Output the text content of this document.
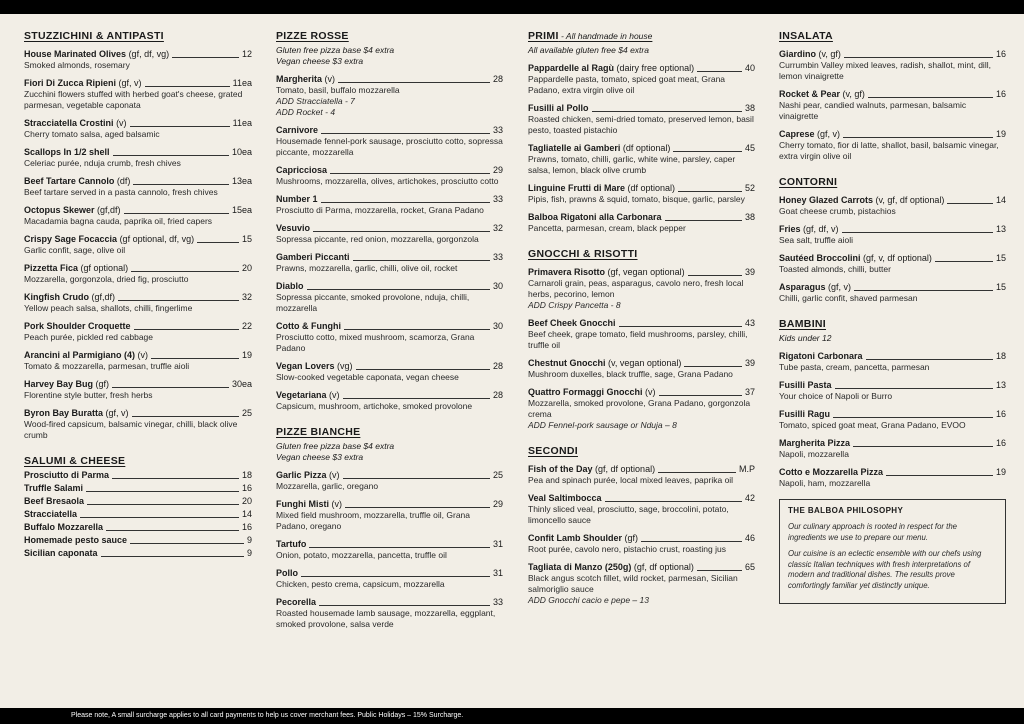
STUZZICHINI & ANTIPASTI
House Marinated Olives (gf, df, vg)	12
Smoked almonds, rosemary
Fiori Di Zucca Ripieni (gf, v)	11ea
Zucchini flowers stuffed with herbed goat's cheese, grated parmesan, vegetable caponata
Stracciatella Crostini (v)	11ea
Cherry tomato salsa, aged balsamic
Scallops In 1/2 shell	10ea
Celeriac purée, nduja crumb, fresh chives
Beef Tartare Cannolo (df)	13ea
Beef tartare served in a pasta cannolo, fresh chives
Octopus Skewer (gf,df)	15ea
Macadamia bagna cauda, paprika oil, fried capers
Crispy Sage Focaccia (gf optional, df, vg)	15
Garlic confit, sage, olive oil
Pizzetta Fica (gf optional)	20
Mozzarella, gorgonzola, dried fig, prosciutto
Kingfish Crudo (gf,df)	32
Yellow peach salsa, shallots, chilli, fingerlime
Pork Shoulder Croquette	22
Peach purée, pickled red cabbage
Arancini al Parmigiano (4) (v)	19
Tomato & mozzarella, parmesan, truffle aioli
Harvey Bay Bug (gf)	30ea
Florentine style butter, fresh herbs
Byron Bay Buratta (gf, v)	25
Wood-fired capsicum, balsamic vinegar, chilli, black olive crumb
SALUMI & CHEESE
Prosciutto di Parma	18
Truffle Salami	16
Beef Bresaola	20
Stracciatella	14
Buffalo Mozzarella	16
Homemade pesto sauce	9
Sicilian caponata	9
PIZZE ROSSE
Gluten free pizza base $4 extra
Vegan cheese $3 extra
Margherita (v)	28
Tomato, basil, buffalo mozzarella
ADD Stracciatella - 7
ADD Rocket - 4
Carnivore	33
Housemade fennel-pork sausage, prosciutto cotto, sopressa piccante, mozzarella
Capricciosa	29
Mushrooms, mozzarella, olives, artichokes, prosciutto cotto
Number 1	33
Prosciutto di Parma, mozzarella, rocket, Grana Padano
Vesuvio	32
Sopressa piccante, red onion, mozzarella, gorgonzola
Gamberi Piccanti	33
Prawns, mozzarella, garlic, chilli, olive oil, rocket
Diablo	30
Sopressa piccante, smoked provolone, nduja, chilli, mozzarella
Cotto & Funghi	30
Prosciutto cotto, mixed mushroom, scamorza, Grana Padano
Vegan Lovers (vg)	28
Slow-cooked vegetable caponata, vegan cheese
Vegetariana (v)	28
Capsicum, mushroom, artichoke, smoked provolone
PIZZE BIANCHE
Gluten free pizza base $4 extra
Vegan cheese $3 extra
Garlic Pizza (v)	25
Mozzarella, garlic, oregano
Funghi Misti (v)	29
Mixed field mushroom, mozzarella, truffle oil, Grana Padano, oregano
Tartufo	31
Onion, potato, mozzarella, pancetta, truffle oil
Pollo	31
Chicken, pesto crema, capsicum, mozzarella
Pecorella	33
Roasted housemade lamb sausage, mozzarella, eggplant, smoked provolone, salsa verde
PRIMI - All handmade in house
All available gluten free $4 extra
Pappardelle al Ragù (dairy free optional)	40
Pappardelle pasta, tomato, spiced goat meat, Grana Padano, extra virgin olive oil
Fusilli al Pollo	38
Roasted chicken, semi-dried tomato, preserved lemon, basil pesto, toasted pistachio
Tagliatelle ai Gamberi (df optional)	45
Prawns, tomato, chilli, garlic, white wine, parsley, caper salsa, lemon, black olive crumb
Linguine Frutti di Mare (df optional)	52
Pipis, fish, prawns & squid, tomato, bisque, garlic, parsley
Balboa Rigatoni alla Carbonara	38
Pancetta, parmesan, cream, black pepper
GNOCCHI & RISOTTI
Primavera Risotto (gf, vegan optional)	39
Carnaroli grain, peas, asparagus, cavolo nero, fresh local herbs, pecorino, lemon
ADD Crispy Pancetta - 8
Beef Cheek Gnocchi	43
Beef cheek, grape tomato, field mushrooms, parsley, chilli, truffle oil
Chestnut Gnocchi (v, vegan optional)	39
Mushroom duxelles, black truffle, sage, Grana Padano
Quattro Formaggi Gnocchi (v)	37
Mozzarella, smoked provolone, Grana Padano, gorgonzola crema
ADD Fennel-pork sausage or Nduja – 8
SECONDI
Fish of the Day (gf, df optional)	M.P
Pea and spinach purée, local mixed leaves, paprika oil
Veal Saltimbocca	42
Thinly sliced veal, prosciutto, sage, broccolini, potato, limoncello sauce
Confit Lamb Shoulder (gf)	46
Root purée, cavolo nero, pistachio crust, roasting jus
Tagliata di Manzo (250g) (gf, df optional)	65
Black angus scotch fillet, wild rocket, parmesan, Sicilian salmoriglio sauce
ADD Gnocchi cacio e pepe – 13
INSALATA
Giardino (v, gf)	16
Currumbin Valley mixed leaves, radish, shallot, mint, dill, lemon vinaigrette
Rocket & Pear (v, gf)	16
Nashi pear, candied walnuts, parmesan, balsamic vinaigrette
Caprese (gf, v)	19
Cherry tomato, fior di latte, shallot, basil, balsamic vinegar, extra virgin olive oil
CONTORNI
Honey Glazed Carrots (v, gf, df optional)	14
Goat cheese crumb, pistachios
Fries (gf, df, v)	13
Sea salt, truffle aioli
Sautéed Broccolini (gf, v, df optional)	15
Toasted almonds, chilli, butter
Asparagus (gf, v)	15
Chilli, garlic confit, shaved parmesan
BAMBINI
Kids under 12
Rigatoni Carbonara	18
Tube pasta, cream, pancetta, parmesan
Fusilli Pasta	13
Your choice of Napoli or Burro
Fusilli Ragu	16
Tomato, spiced goat meat, Grana Padano, EVOO
Margherita Pizza	16
Napoli, mozzarella
Cotto e Mozzarella Pizza	19
Napoli, ham, mozzarella
THE BALBOA PHILOSOPHY

Our culinary approach is rooted in respect for the ingredients we use to prepare our menu.

Our cuisine is an eclectic ensemble with our chefs using classic Italian techniques with fresh interpretations of modern and traditional dishes. The results prove comfortingly familiar yet distinctly unique.

Please note, A small surcharge applies to all card payments to help us cover merchant fees. Public Holidays – 15% Surcharge.
